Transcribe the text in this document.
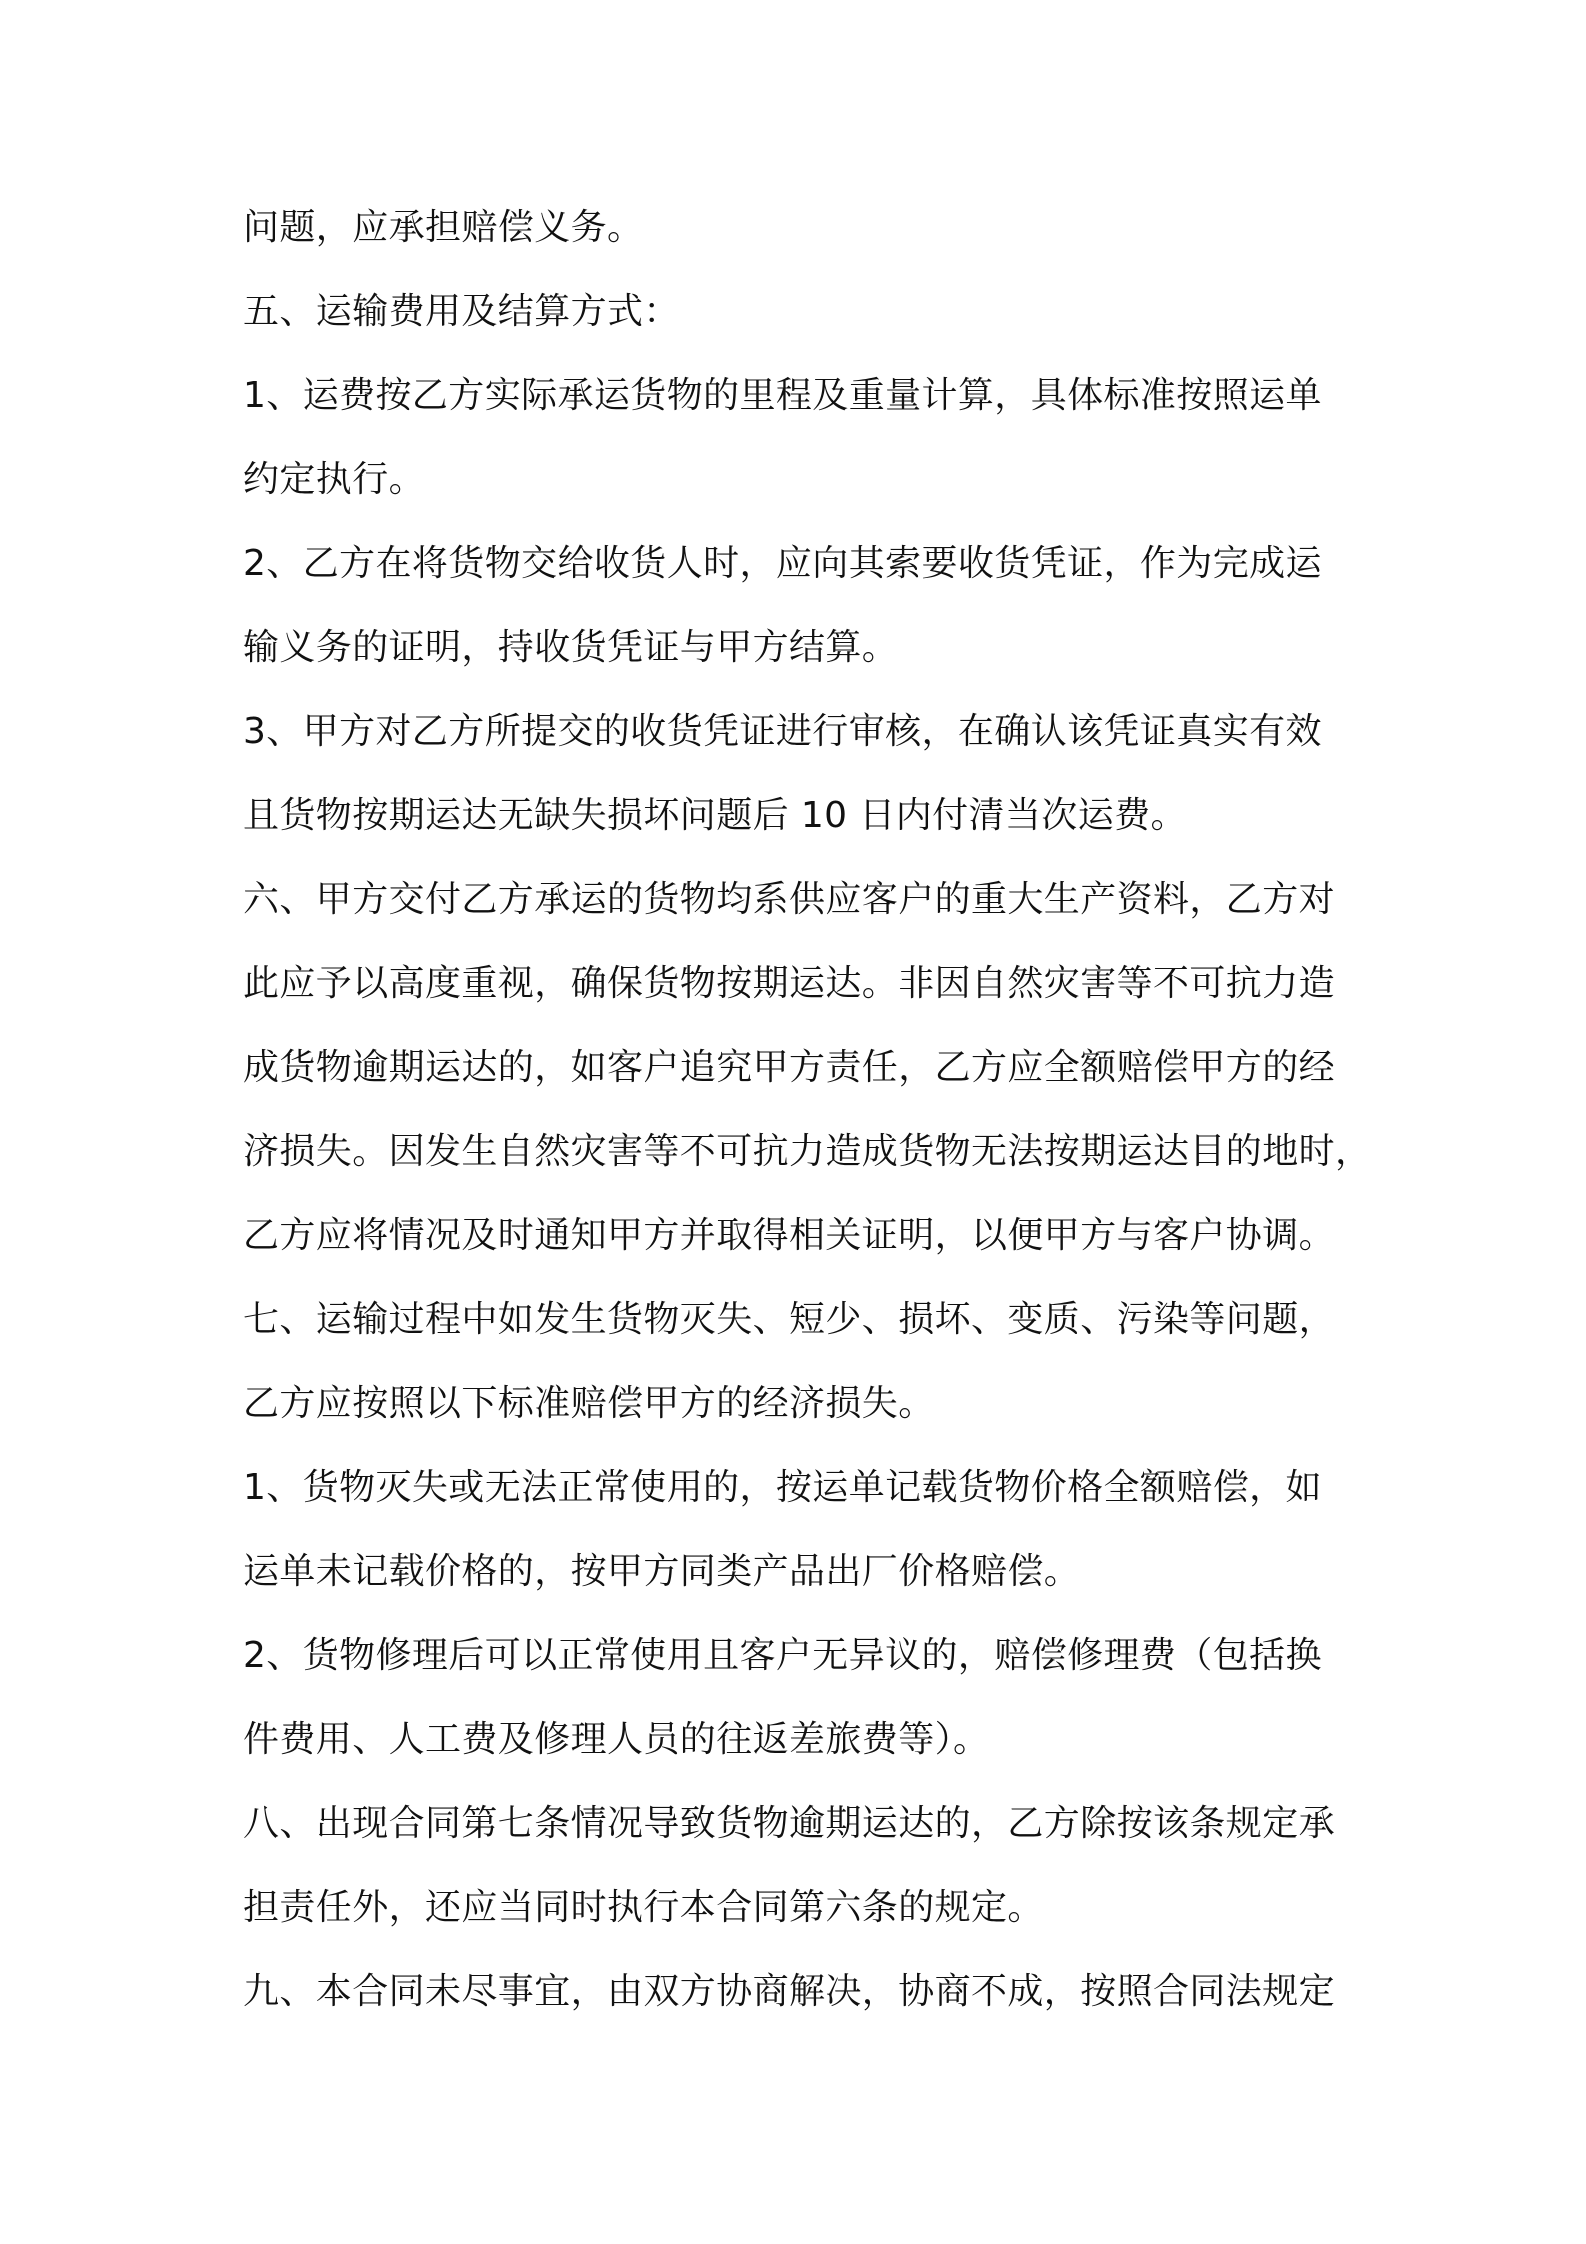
问题，应承担赔偿义务。
五、运输费用及结算方式：
1、运费按乙方实际承运货物的里程及重量计算，具体标准按照运单
约定执行。
2、乙方在将货物交给收货人时，应向其索要收货凭证，作为完成运
输义务的证明，持收货凭证与甲方结算。
3、甲方对乙方所提交的收货凭证进行审核，在确认该凭证真实有效
且货物按期运达无缺失损坏问题后 10 日内付清当次运费。
六、甲方交付乙方承运的货物均系供应客户的重大生产资料，乙方对
此应予以高度重视，确保货物按期运达。非因自然灾害等不可抗力造
成货物逾期运达的，如客户追究甲方责任，乙方应全额赔偿甲方的经
济损失。因发生自然灾害等不可抗力造成货物无法按期运达目的地时，
乙方应将情况及时通知甲方并取得相关证明，以便甲方与客户协调。
七、运输过程中如发生货物灭失、短少、损坏、变质、污染等问题，
乙方应按照以下标准赔偿甲方的经济损失。
1、货物灭失或无法正常使用的，按运单记载货物价格全额赔偿，如
运单未记载价格的，按甲方同类产品出厂价格赔偿。
2、货物修理后可以正常使用且客户无异议的，赔偿修理费（包括换
件费用、人工费及修理人员的往返差旅费等）。
八、出现合同第七条情况导致货物逾期运达的，乙方除按该条规定承
担责任外，还应当同时执行本合同第六条的规定。
九、本合同未尽事宜，由双方协商解决，协商不成，按照合同法规定
